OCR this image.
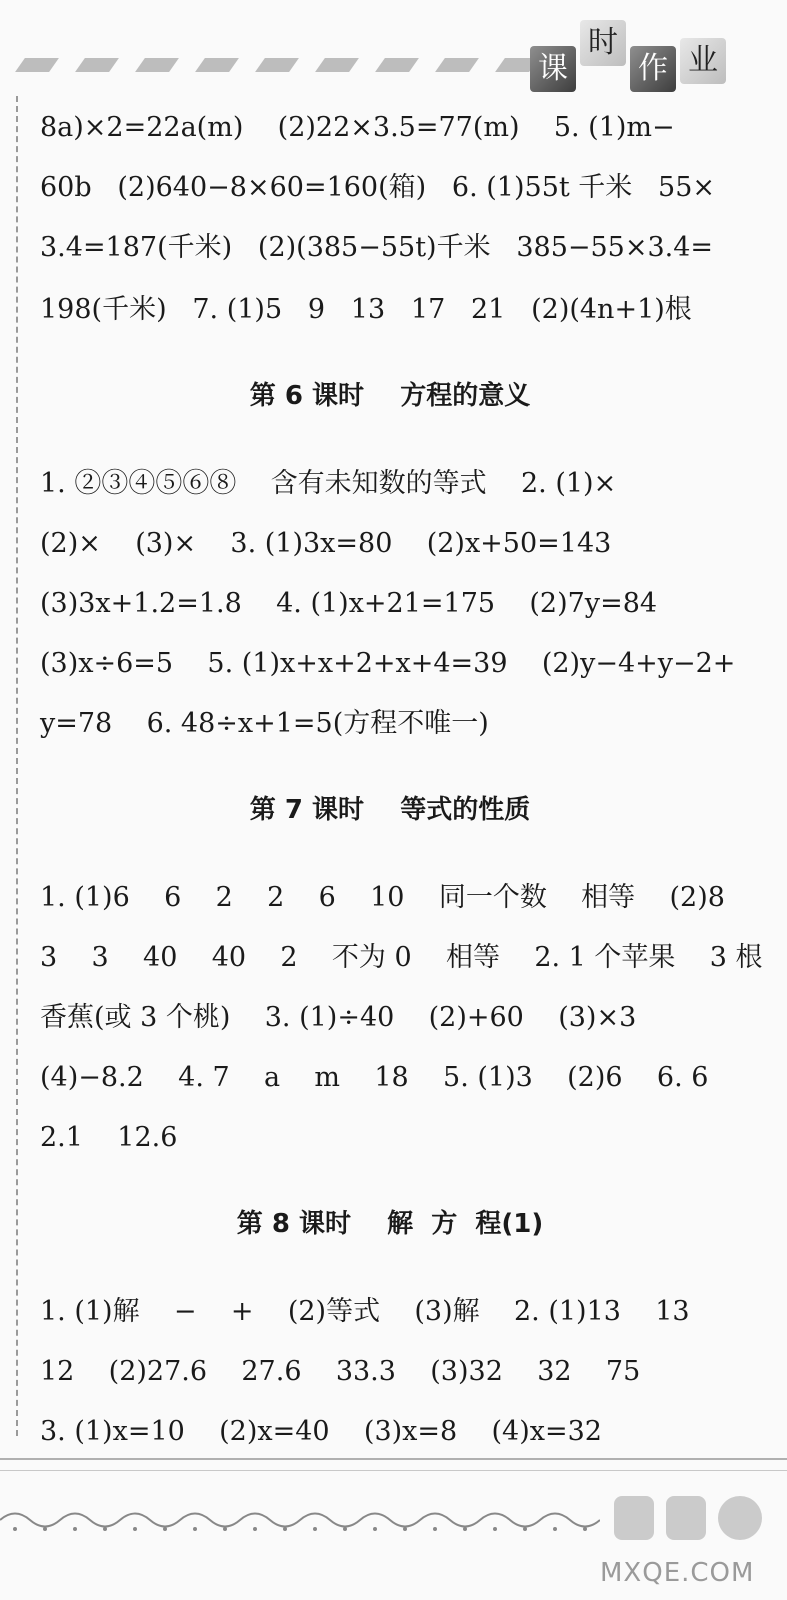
课
时
作 业
8a)×2=22a(m)    (2)22×3.5=77(m)    5. (1)m−
60b   (2)640−8×60=160(箱)   6. (1)55t 千米   55×
3.4=187(千米)   (2)(385−55t)千米   385−55×3.4=
198(千米)   7. (1)5   9   13   17   21   (2)(4n+1)根
第 6 课时    方程的意义
1. ②③④⑤⑥⑧    含有未知数的等式    2. (1)×
(2)×    (3)×    3. (1)3x=80    (2)x+50=143
(3)3x+1.2=1.8    4. (1)x+21=175    (2)7y=84
(3)x÷6=5    5. (1)x+x+2+x+4=39    (2)y−4+y−2+
y=78    6. 48÷x+1=5(方程不唯一)
第 7 课时    等式的性质
1. (1)6    6    2    2    6    10    同一个数    相等    (2)8
3    3    40    40    2    不为 0    相等    2. 1 个苹果    3 根
香蕉(或 3 个桃)    3. (1)÷40    (2)+60    (3)×3
(4)−8.2    4. 7    a    m    18    5. (1)3    (2)6    6. 6
2.1    12.6
第 8 课时    解  方  程(1)
1. (1)解    −    +    (2)等式    (3)解    2. (1)13    13
12    (2)27.6    27.6    33.3    (3)32    32    75
3. (1)x=10    (2)x=40    (3)x=8    (4)x=32
MXQE.COM
